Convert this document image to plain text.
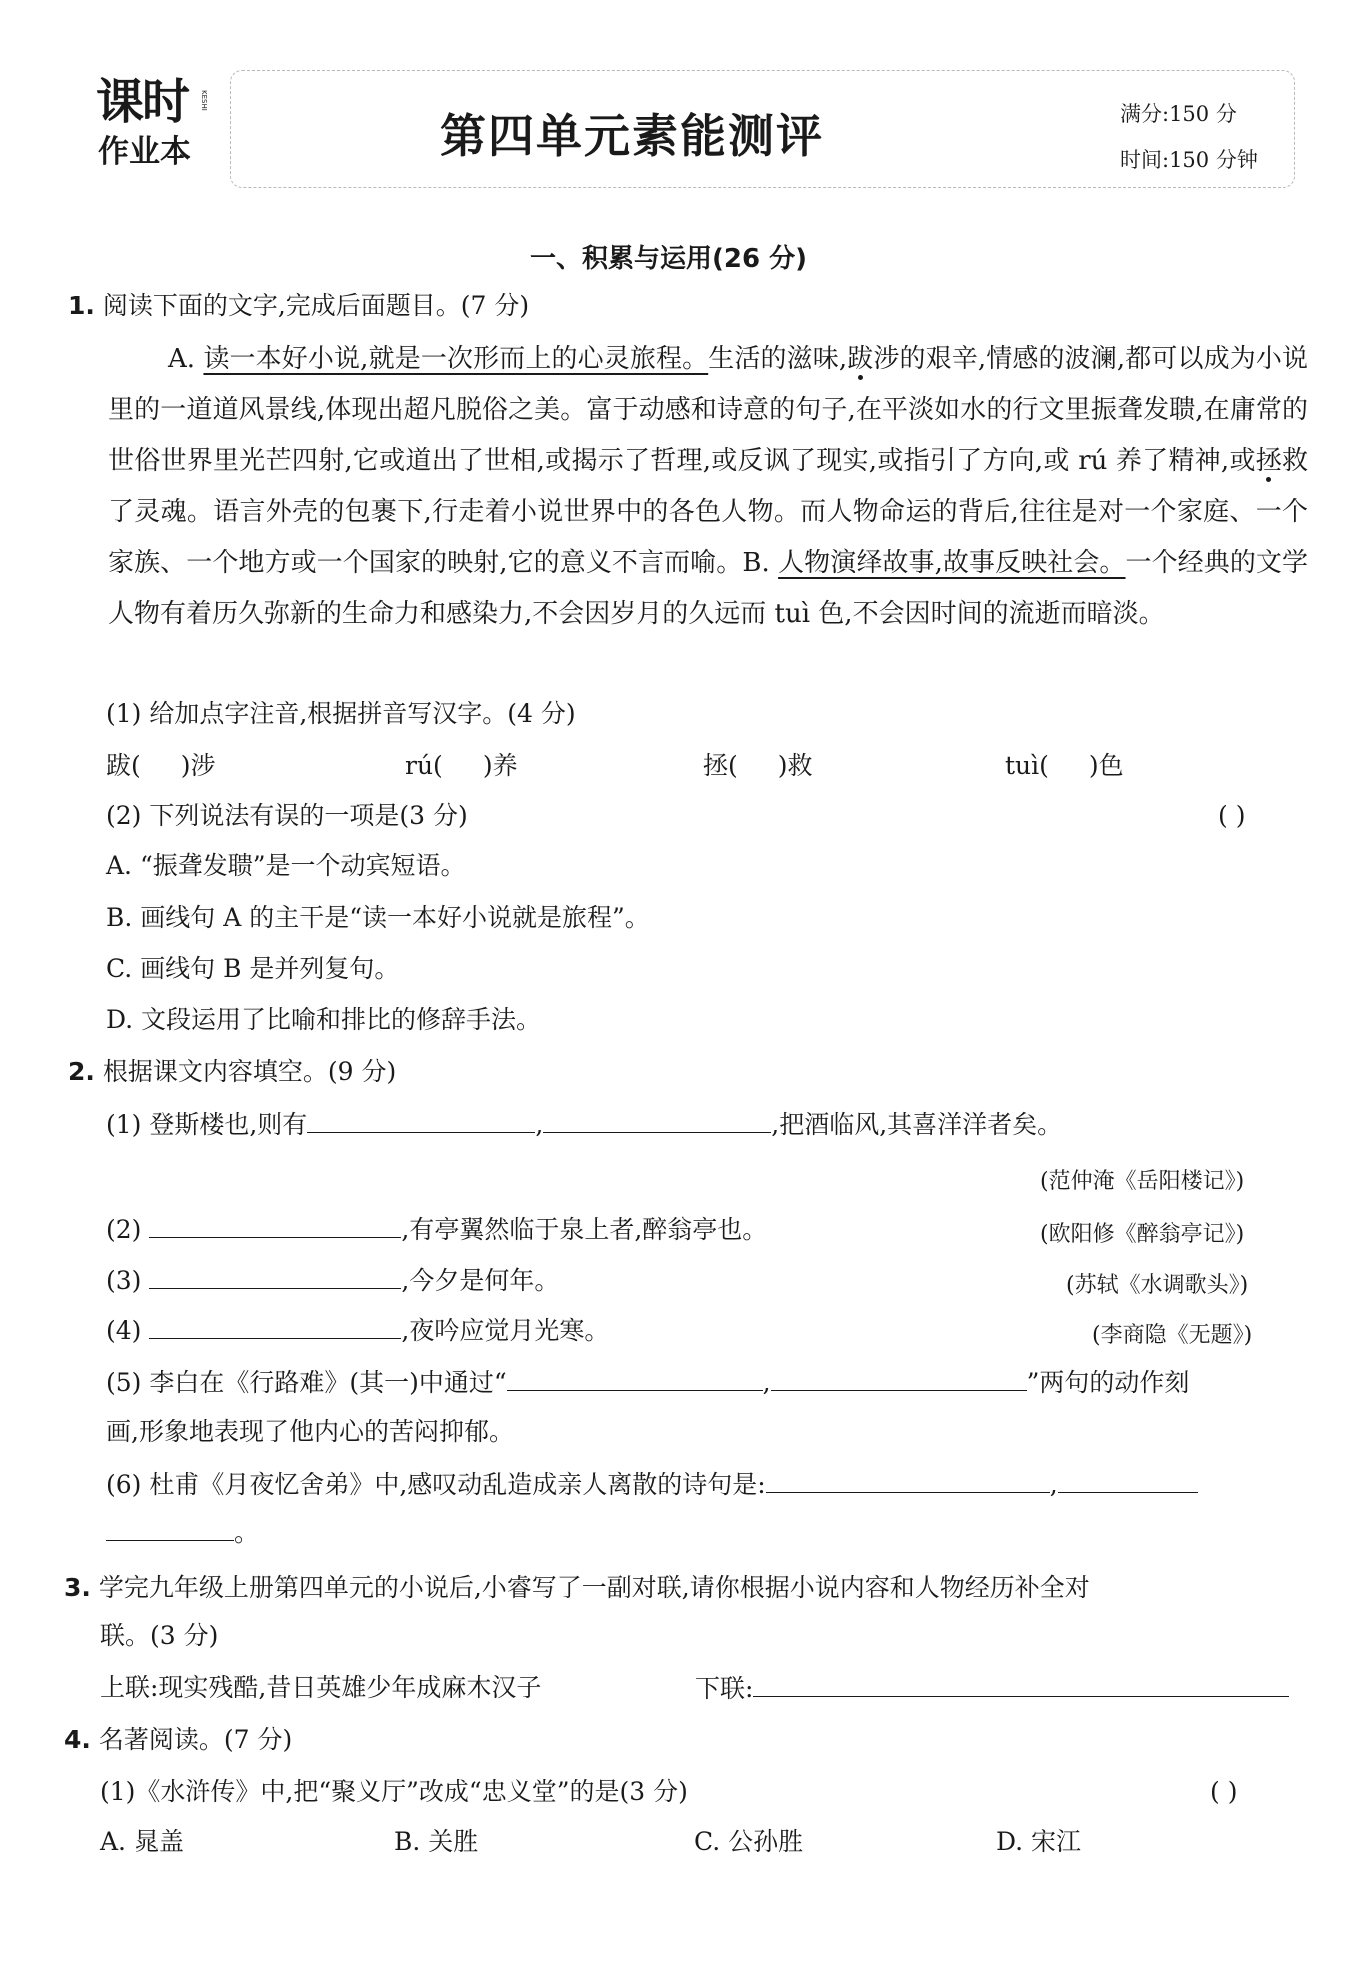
课时 KESHI
作业本	第四单元素能测评	满分:150 分
时间:150 分钟
一、积累与运用(26 分)
1. 阅读下面的文字,完成后面题目。(7 分)
A. 读一本好小说,就是一次形而上的心灵旅程。生活的滋味,跋涉的艰辛,情感的波澜,都可以成为小说里的一道道风景线,体现出超凡脱俗之美。富于动感和诗意的句子,在平淡如水的行文里振聋发聩,在庸常的世俗世界里光芒四射,它或道出了世相,或揭示了哲理,或反讽了现实,或指引了方向,或 rú 养了精神,或拯救了灵魂。语言外壳的包裹下,行走着小说世界中的各色人物。而人物命运的背后,往往是对一个家庭、一个家族、一个地方或一个国家的映射,它的意义不言而喻。B. 人物演绎故事,故事反映社会。一个经典的文学人物有着历久弥新的生命力和感染力,不会因岁月的久远而 tuì 色,不会因时间的流逝而暗淡。
(1) 给加点字注音,根据拼音写汉字。(4 分)
跋( )涉	rú( )养	拯( )救	tuì( )色
(2) 下列说法有误的一项是(3 分)	( )
A. “振聋发聩”是一个动宾短语。
B. 画线句 A 的主干是“读一本好小说就是旅程”。
C. 画线句 B 是并列复句。
D. 文段运用了比喻和排比的修辞手法。
2. 根据课文内容填空。(9 分)
(1) 登斯楼也,则有	,	,把酒临风,其喜洋洋者矣。
(范仲淹《岳阳楼记》)
(2)	,有亭翼然临于泉上者,醉翁亭也。	(欧阳修《醉翁亭记》)
(3)	,今夕是何年。	(苏轼《水调歌头》)
(4)	,夜吟应觉月光寒。	(李商隐《无题》)
(5) 李白在《行路难》(其一)中通过“	,	”两句的动作刻
画,形象地表现了他内心的苦闷抑郁。
(6) 杜甫《月夜忆舍弟》中,感叹动乱造成亲人离散的诗句是:	,
。
3. 学完九年级上册第四单元的小说后,小睿写了一副对联,请你根据小说内容和人物经历补全对
联。(3 分)
上联:现实残酷,昔日英雄少年成麻木汉子	下联:
4. 名著阅读。(7 分)
(1)《水浒传》中,把“聚义厅”改成“忠义堂”的是(3 分)	( )
A. 晁盖	B. 关胜	C. 公孙胜	D. 宋江
